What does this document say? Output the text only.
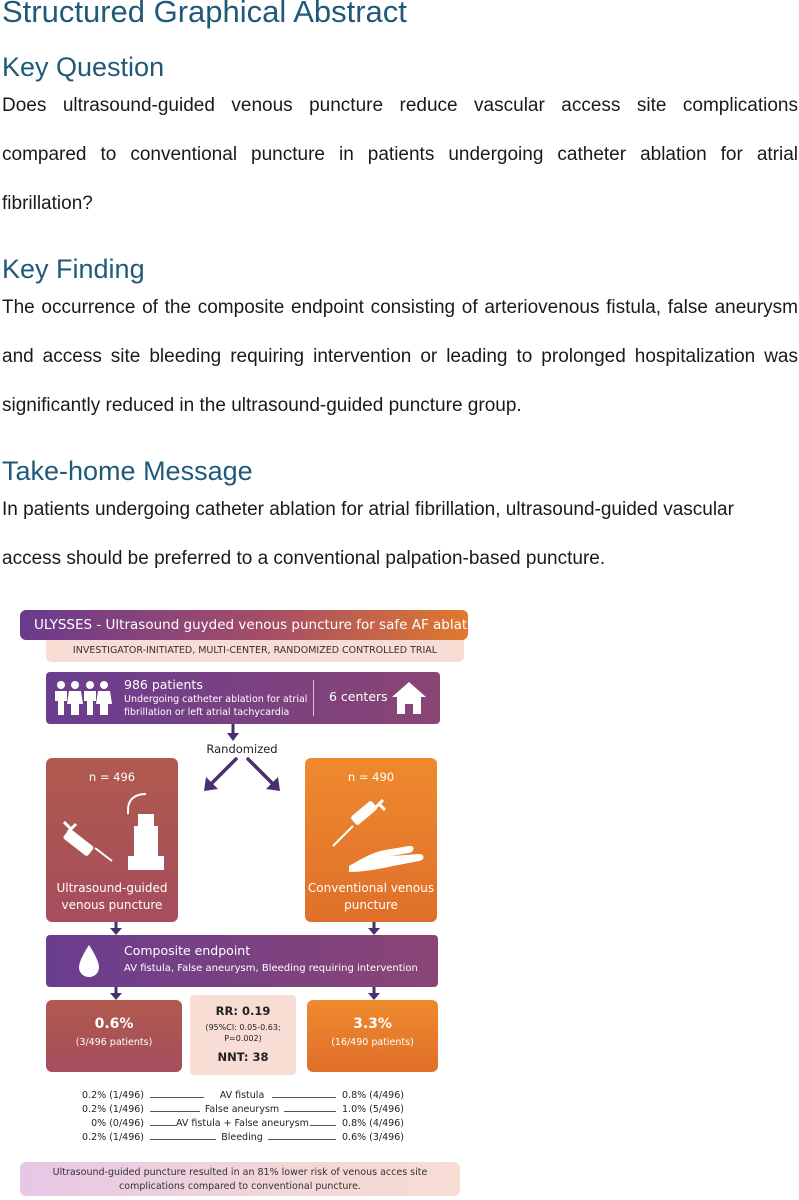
Structured Graphical Abstract
Key Question

Does ultrasound-guided venous puncture reduce vascular access site complications compared to conventional puncture in patients undergoing catheter ablation for atrial fibrillation?

Key Finding

The occurrence of the composite endpoint consisting of arteriovenous fistula, false aneurysm and access site bleeding requiring intervention or leading to prolonged hospitalization was significantly reduced in the ultrasound-guided puncture group.

Take-home Message

In patients undergoing catheter ablation for atrial fibrillation, ultrasound-guided vascular access should be preferred to a conventional palpation-based puncture.

ULYSSES - Ultrasound guyded venous puncture for safe AF ablation
INVESTIGATOR-INITIATED, MULTI-CENTER, RANDOMIZED CONTROLLED TRIAL
986 patients
Undergoing catheter ablation for atrial fibrillation or left atrial tachycardia
6 centers
Randomized
n = 496
Ultrasound-guided venous puncture
n = 490
Conventional venous puncture
Composite endpoint
AV fistula, False aneurysm, Bleeding requiring intervention
0.6%
(3/496 patients)
RR: 0.19
(95%CI: 0.05-0.63;
P=0.002)
NNT: 38
3.3%
(16/490 patients)
0.2% (1/496)	AV fistula	0.8% (4/496)
0.2% (1/496)	False aneurysm	1.0% (5/496)
0% (0/496)	AV fistula + False aneurysm	0.8% (4/496)
0.2% (1/496)	Bleeding	0.6% (3/496)
Ultrasound-guided puncture resulted in an 81% lower risk of venous acces site
complications compared to conventional puncture.
